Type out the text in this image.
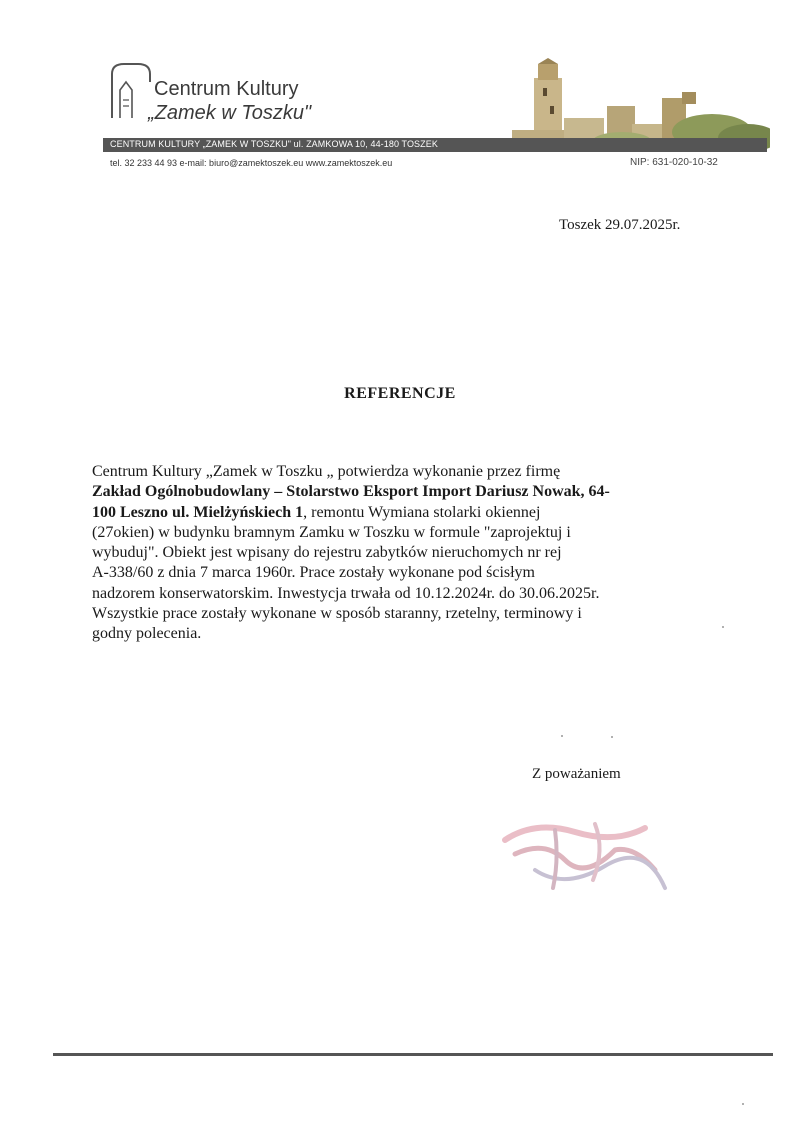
Centrum Kultury
„Zamek w Toszku"
CENTRUM KULTURY „ZAMEK W TOSZKU" ul. ZAMKOWA 10, 44-180 TOSZEK
tel. 32 233 44 93 e-mail: biuro@zamektoszek.eu www.zamektoszek.eu	NIP: 631-020-10-32
Toszek 29.07.2025r.
REFERENCJE
Centrum Kultury „Zamek w Toszku „ potwierdza wykonanie przez firmę
Zakład Ogólnobudowlany – Stolarstwo Eksport Import Dariusz Nowak, 64-
100 Leszno ul. Mielżyńskiech 1, remontu Wymiana stolarki okiennej
(27okien) w budynku bramnym Zamku w Toszku w formule "zaprojektuj i
wybuduj". Obiekt jest wpisany do rejestru zabytków nieruchomych nr rej
A-338/60 z dnia 7 marca 1960r. Prace zostały wykonane pod ścisłym
nadzorem konserwatorskim. Inwestycja trwała od 10.12.2024r. do 30.06.2025r.
Wszystkie prace zostały wykonane w sposób staranny, rzetelny, terminowy i
godny polecenia.
Z poważaniem
